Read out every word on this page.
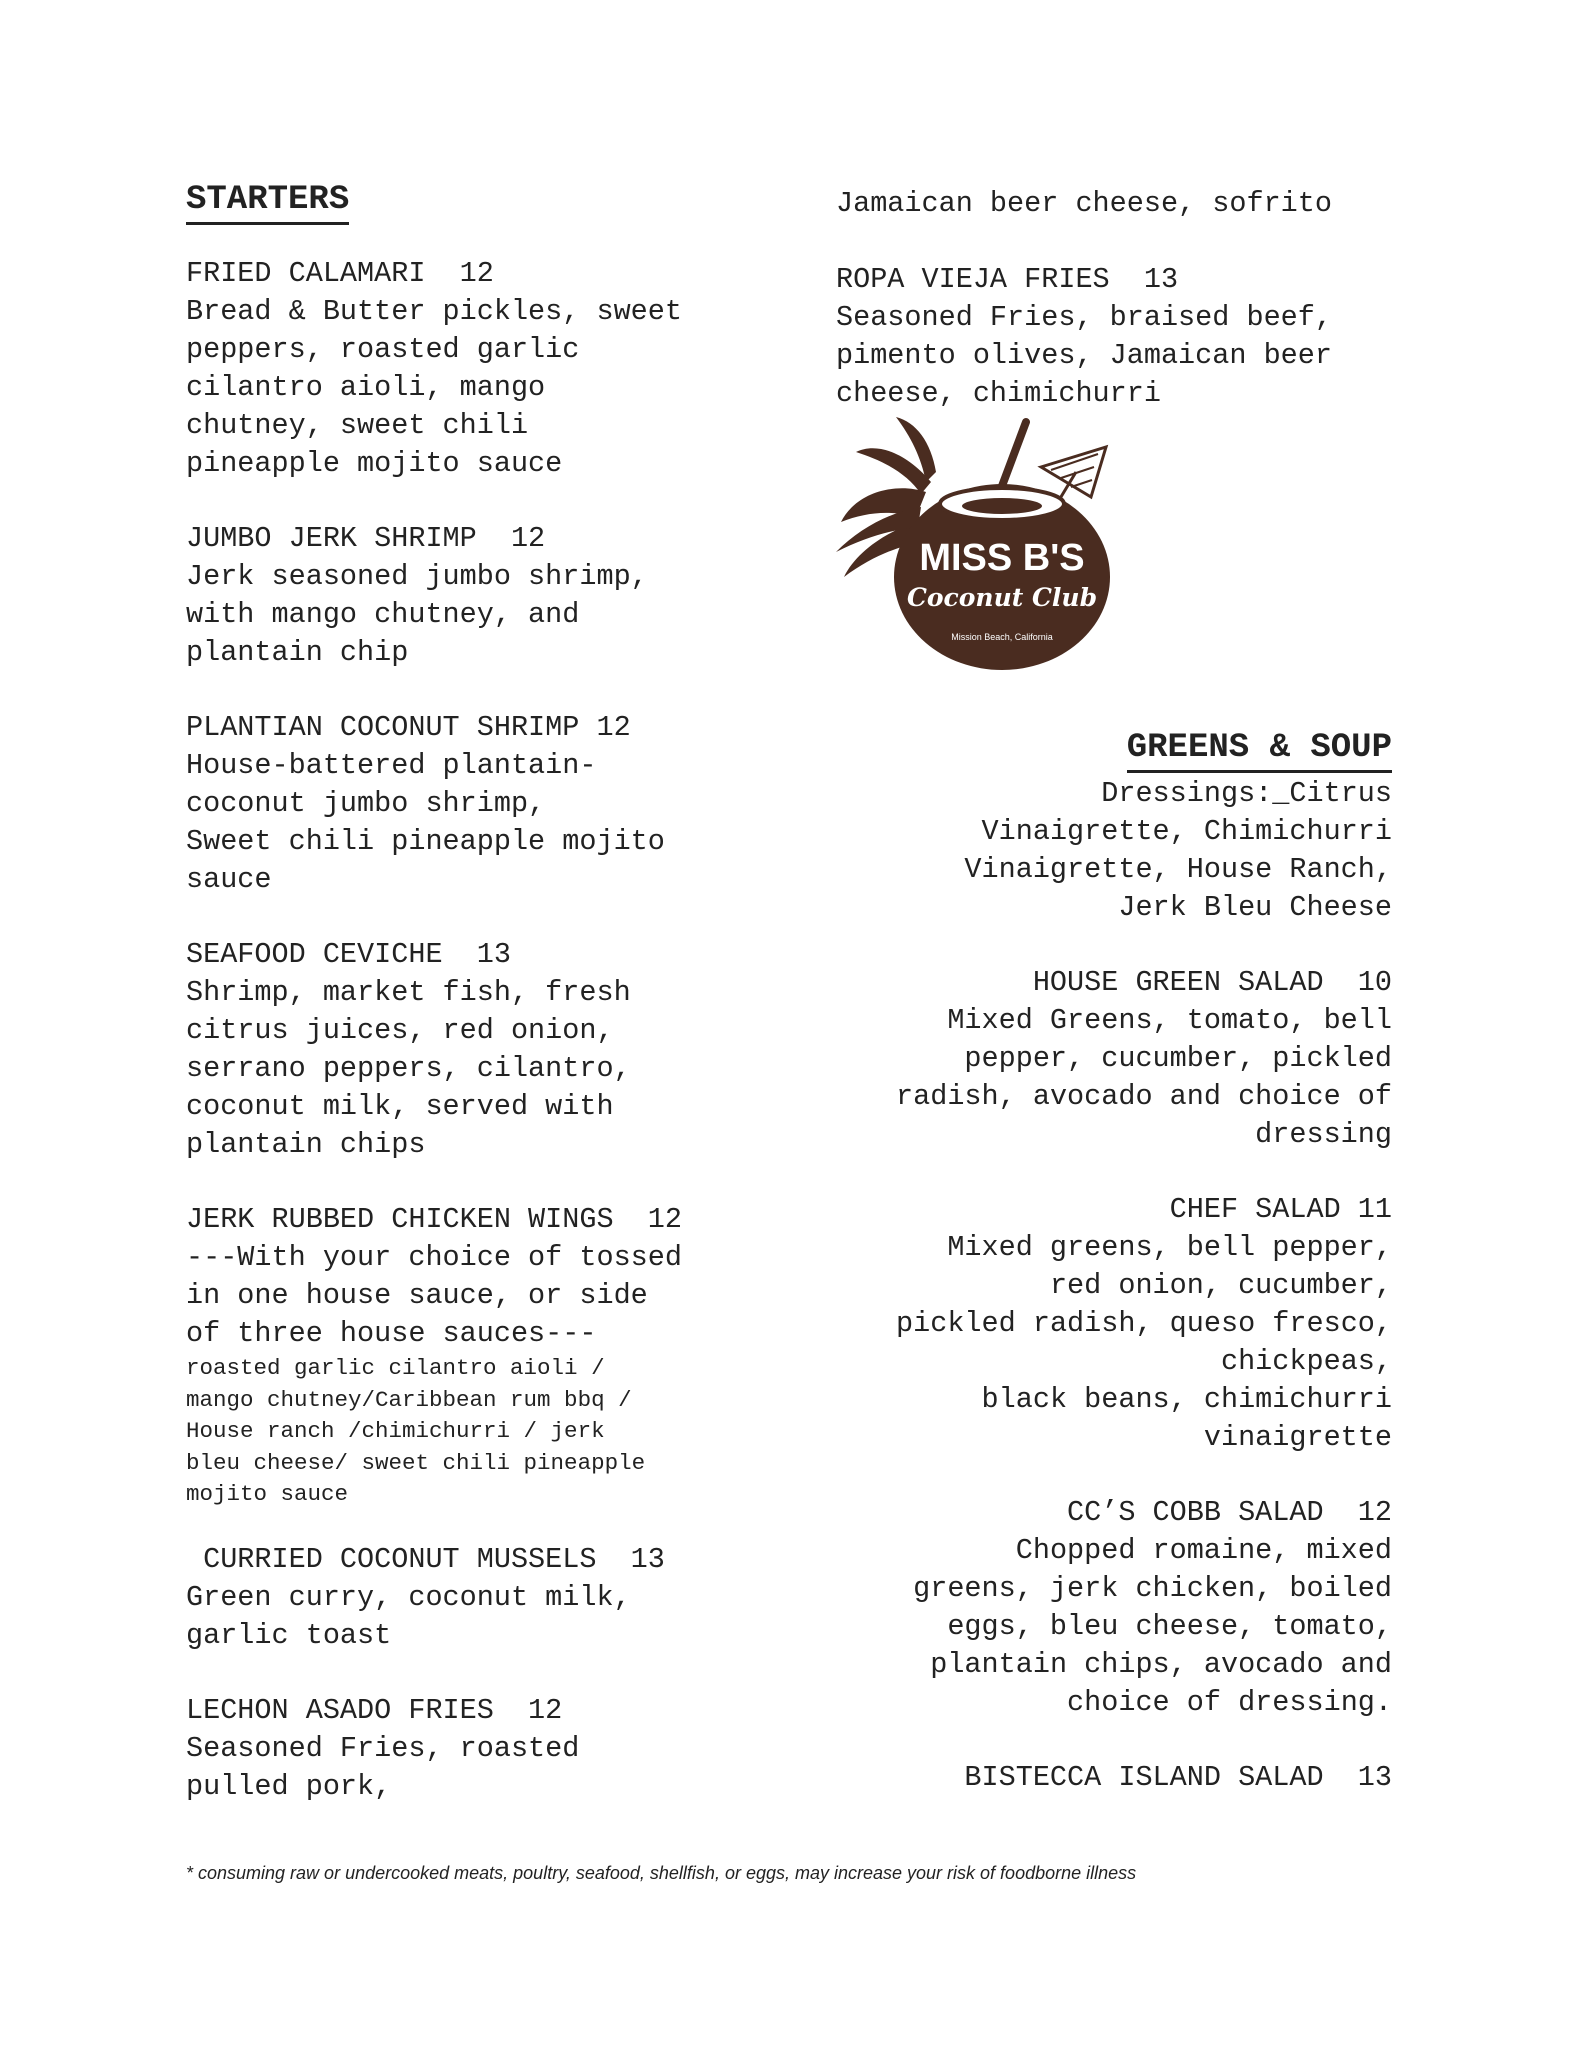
STARTERS
FRIED CALAMARI  12
Bread & Butter pickles, sweet
peppers, roasted garlic
cilantro aioli, mango
chutney, sweet chili
pineapple mojito sauce
JUMBO JERK SHRIMP  12
Jerk seasoned jumbo shrimp,
with mango chutney, and
plantain chip
PLANTIAN COCONUT SHRIMP 12
House-battered plantain-
coconut jumbo shrimp,
Sweet chili pineapple mojito
sauce
SEAFOOD CEVICHE  13
Shrimp, market fish, fresh
citrus juices, red onion,
serrano peppers, cilantro,
coconut milk, served with
plantain chips
JERK RUBBED CHICKEN WINGS  12
---With your choice of tossed
in one house sauce, or side
of three house sauces---
roasted garlic cilantro aioli /
mango chutney/Caribbean rum bbq /
House ranch /chimichurri / jerk
bleu cheese/ sweet chili pineapple
mojito sauce
CURRIED COCONUT MUSSELS  13
Green curry, coconut milk,
garlic toast
LECHON ASADO FRIES  12
Seasoned Fries, roasted
pulled pork,
Jamaican beer cheese, sofrito
ROPA VIEJA FRIES  13
Seasoned Fries, braised beef,
pimento olives, Jamaican beer
cheese, chimichurri
MISS B'S
Coconut Club
Mission Beach, California
GREENS & SOUP
Dressings:_Citrus
Vinaigrette, Chimichurri
Vinaigrette, House Ranch,
Jerk Bleu Cheese
HOUSE GREEN SALAD  10
Mixed Greens, tomato, bell
pepper, cucumber, pickled
radish, avocado and choice of
dressing
CHEF SALAD 11
Mixed greens, bell pepper,
red onion, cucumber,
pickled radish, queso fresco,
chickpeas,
black beans, chimichurri
vinaigrette
CC’S COBB SALAD  12
Chopped romaine, mixed
greens, jerk chicken, boiled
eggs, bleu cheese, tomato,
plantain chips, avocado and
choice of dressing.
BISTECCA ISLAND SALAD  13
* consuming raw or undercooked meats, poultry, seafood, shellfish, or eggs, may increase your risk of foodborne illness
